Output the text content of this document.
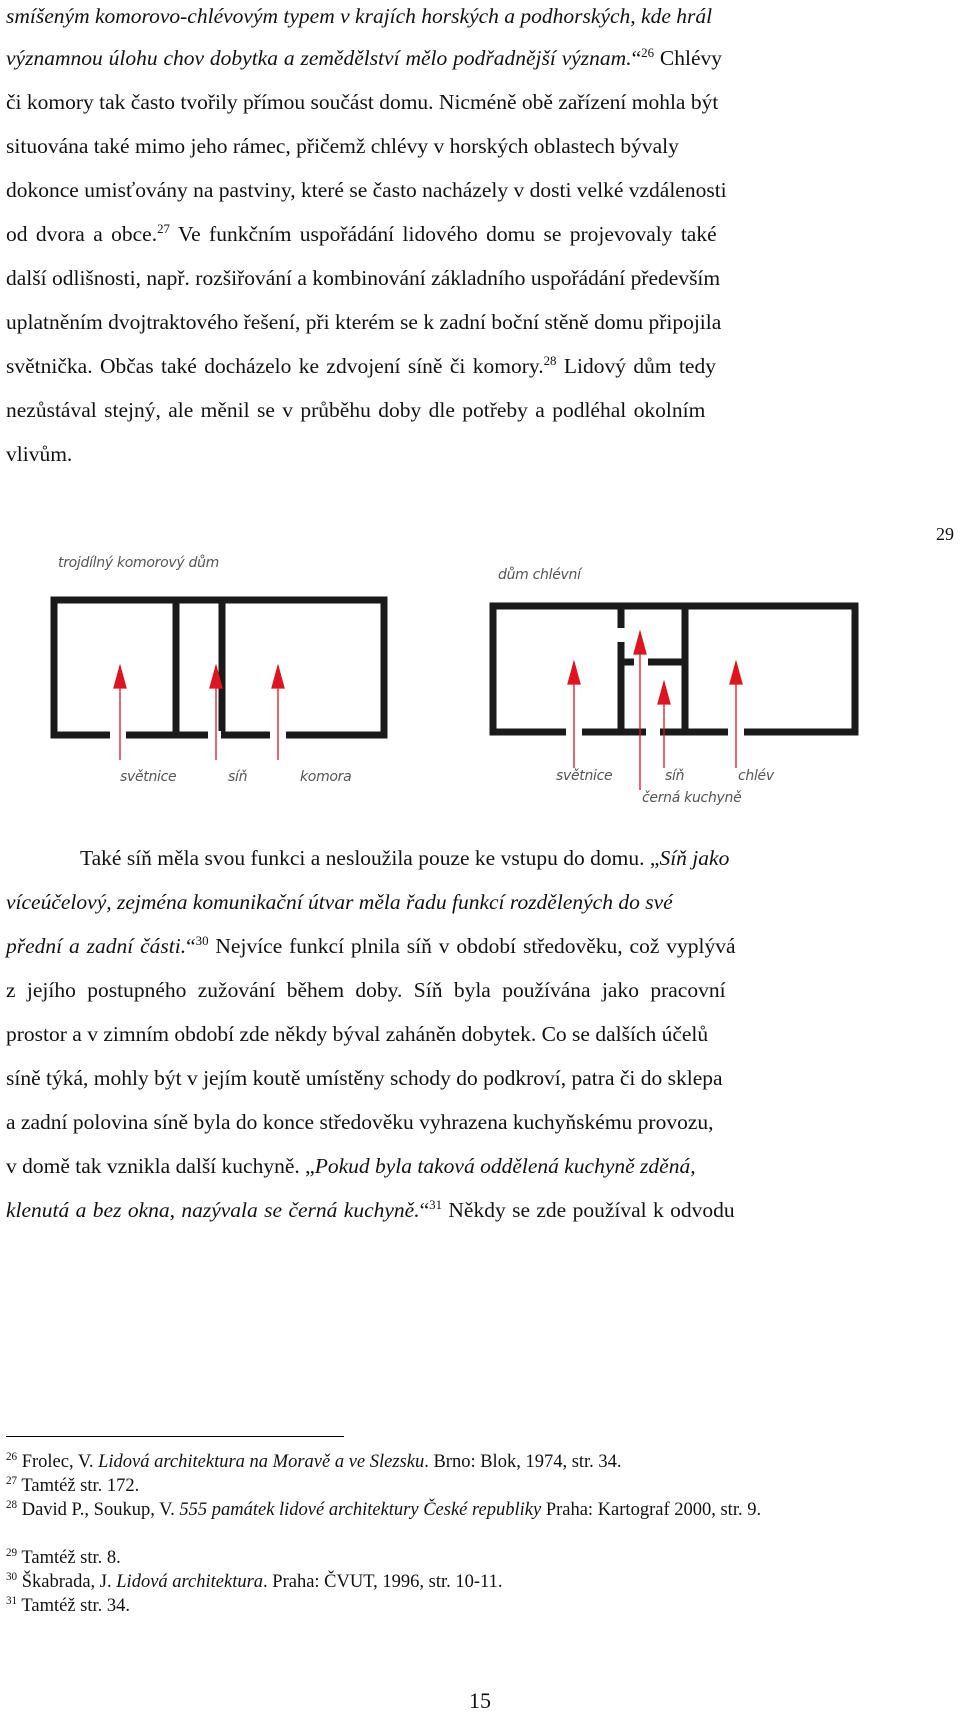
smíšeným komorovo-chlévovým typem v krajích horských a podhorských, kde hrál

významnou úlohu chov dobytka a zemědělství mělo podřadnější význam.“$^{26}$ Chlévy

či komory tak často tvořily přímou součást domu. Nicméně obě zařízení mohla být

situována také mimo jeho rámec, přičemž chlévy v horských oblastech bývaly

dokonce umisťovány na pastviny, které se často nacházely v dosti velké vzdálenosti

od dvora a obce.$^{27}$ Ve funkčním uspořádání lidového domu se projevovaly také

další odlišnosti, např. rozšiřování a kombinování základního uspořádání především

uplatněním dvojtraktového řešení, při kterém se k zadní boční stěně domu připojila

světnička. Občas také docházelo ke zdvojení síně či komory.$^{28}$ Lidový dům tedy

nezůstával stejný, ale měnil se v průběhu doby dle potřeby a podléhal okolním

vlivům.

29
trojdílný komorový dům
světnice	síň	komora
dům chlévní
světnice	síň	chlév
černá kuchyně

Také síň měla svou funkci a nesloužila pouze ke vstupu do domu. „Síň jako

víceúčelový, zejména komunikační útvar měla řadu funkcí rozdělených do své

přední a zadní části.“$^{30}$ Nejvíce funkcí plnila síň v období středověku, což vyplývá

z jejího postupného zužování během doby. Síň byla používána jako pracovní

prostor a v zimním období zde někdy býval zaháněn dobytek. Co se dalších účelů

síně týká, mohly být v jejím koutě umístěny schody do podkroví, patra či do sklepa

a zadní polovina síně byla do konce středověku vyhrazena kuchyňskému provozu,

v domě tak vznikla další kuchyně. „Pokud byla taková oddělená kuchyně zděná,

klenutá a bez okna, nazývala se černá kuchyně.“$^{31}$ Někdy se zde používal k odvodu

$^{26}$ Frolec, V. Lidová architektura na Moravě a ve Slezsku. Brno: Blok, 1974, str. 34.

$^{27}$ Tamtéž str. 172.

$^{28}$ David P., Soukup, V. 555 památek lidové architektury České republiky Praha: Kartograf 2000, str. 9.

$^{29}$ Tamtéž str. 8.

$^{30}$ Škabrada, J. Lidová architektura. Praha: ČVUT, 1996, str. 10-11.

$^{31}$ Tamtéž str. 34.

15
